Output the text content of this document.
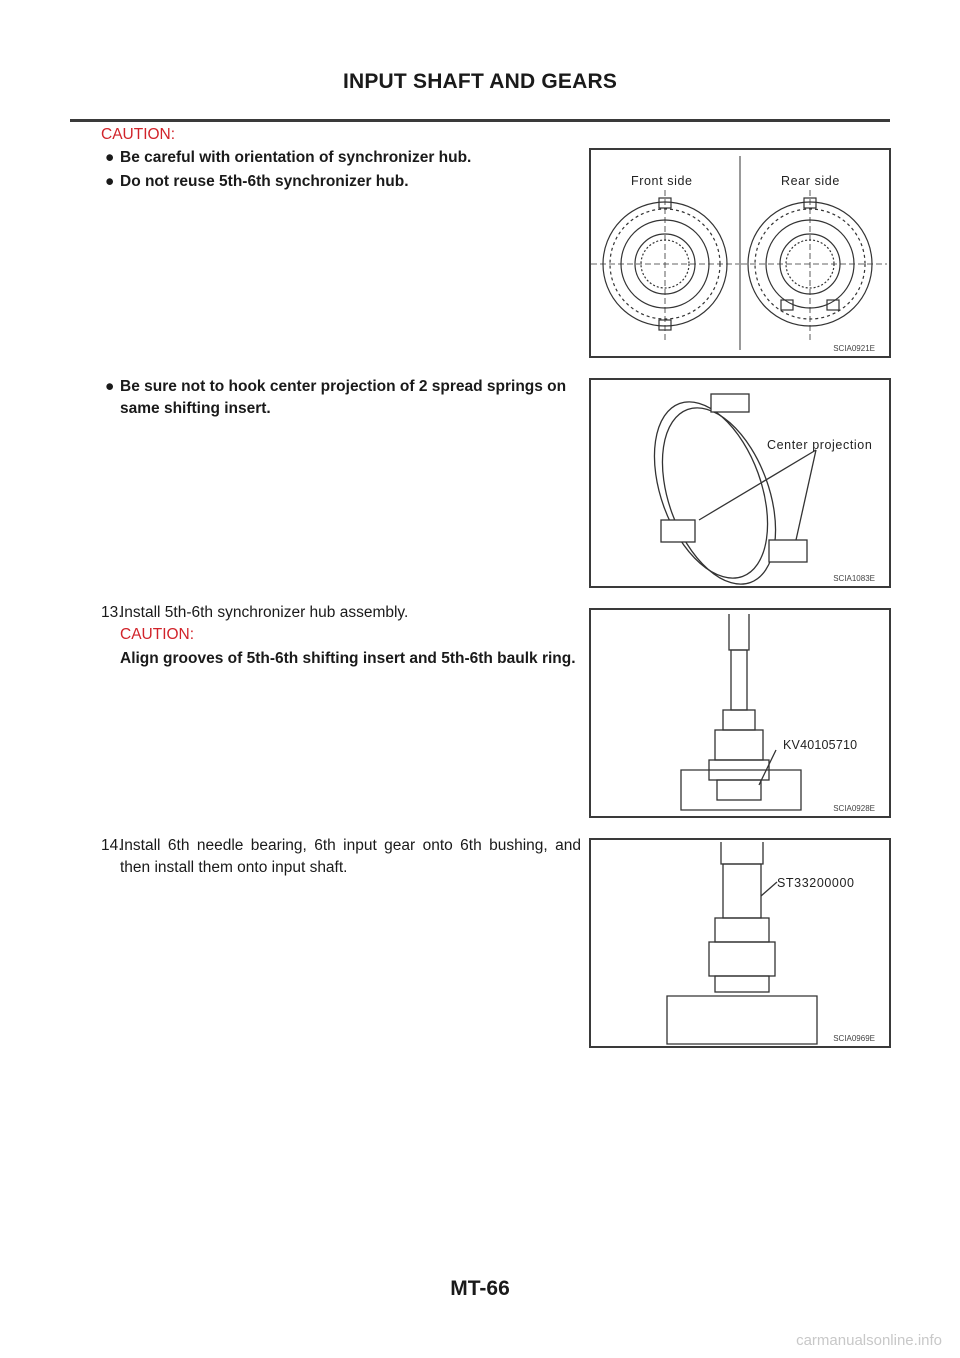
INPUT SHAFT AND GEARS
CAUTION:
● Be careful with orientation of synchronizer hub.
● Do not reuse 5th-6th synchronizer hub.
● Be sure not to hook center projection of 2 spread springs on same shifting insert.
13.
Install 5th-6th synchronizer hub assembly.
CAUTION:
Align grooves of 5th-6th shifting insert and 5th-6th baulk ring.
14.
Install 6th needle bearing, 6th input gear onto 6th bushing, and then install them onto input shaft.
Front side	Rear side
SCIA0921E
Center projection
SCIA1083E
KV40105710
SCIA0928E
ST33200000
SCIA0969E
MT-66
carmanualsonline.info
